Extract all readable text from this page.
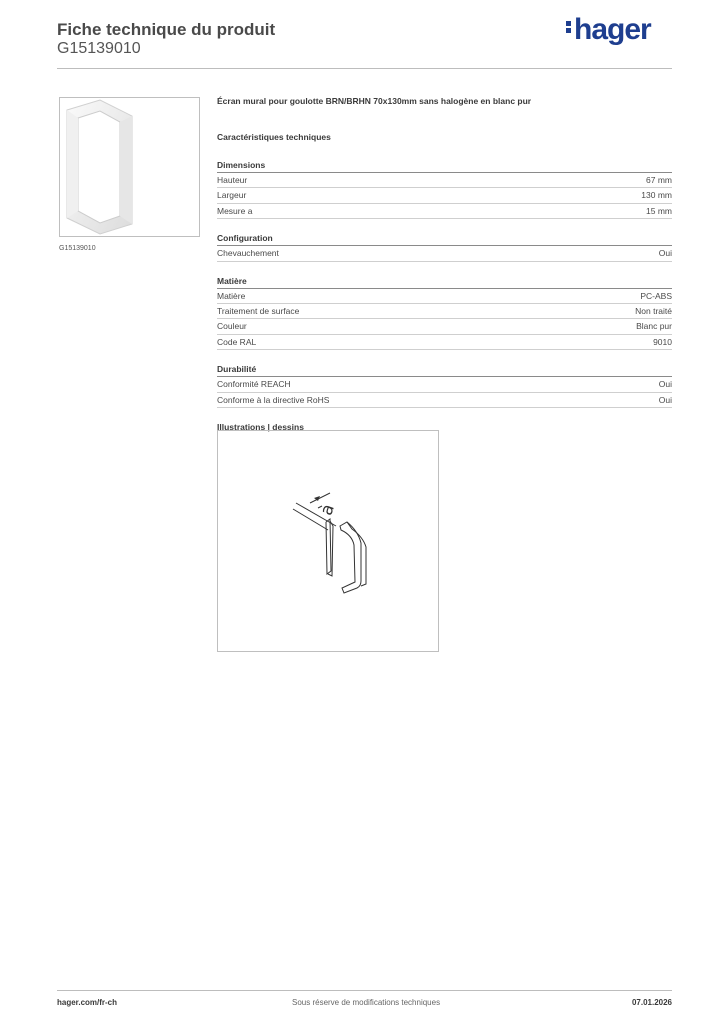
Fiche technique du produit
G15139010
hager
G15139010
Écran mural pour goulotte BRN/BRHN 70x130mm sans halogène en blanc pur
Caractéristiques techniques
Dimensions
Hauteur	67 mm
Largeur	130 mm
Mesure a	15 mm
Configuration
Chevauchement	Oui
Matière
Matière	PC-ABS
Traitement de surface	Non traité
Couleur	Blanc pur
Code RAL	9010
Durabilité
Conformité REACH	Oui
Conforme à la directive RoHS	Oui
Illustrations | dessins
a
hager.com/fr-ch	Sous réserve de modifications techniques	07.01.2026
